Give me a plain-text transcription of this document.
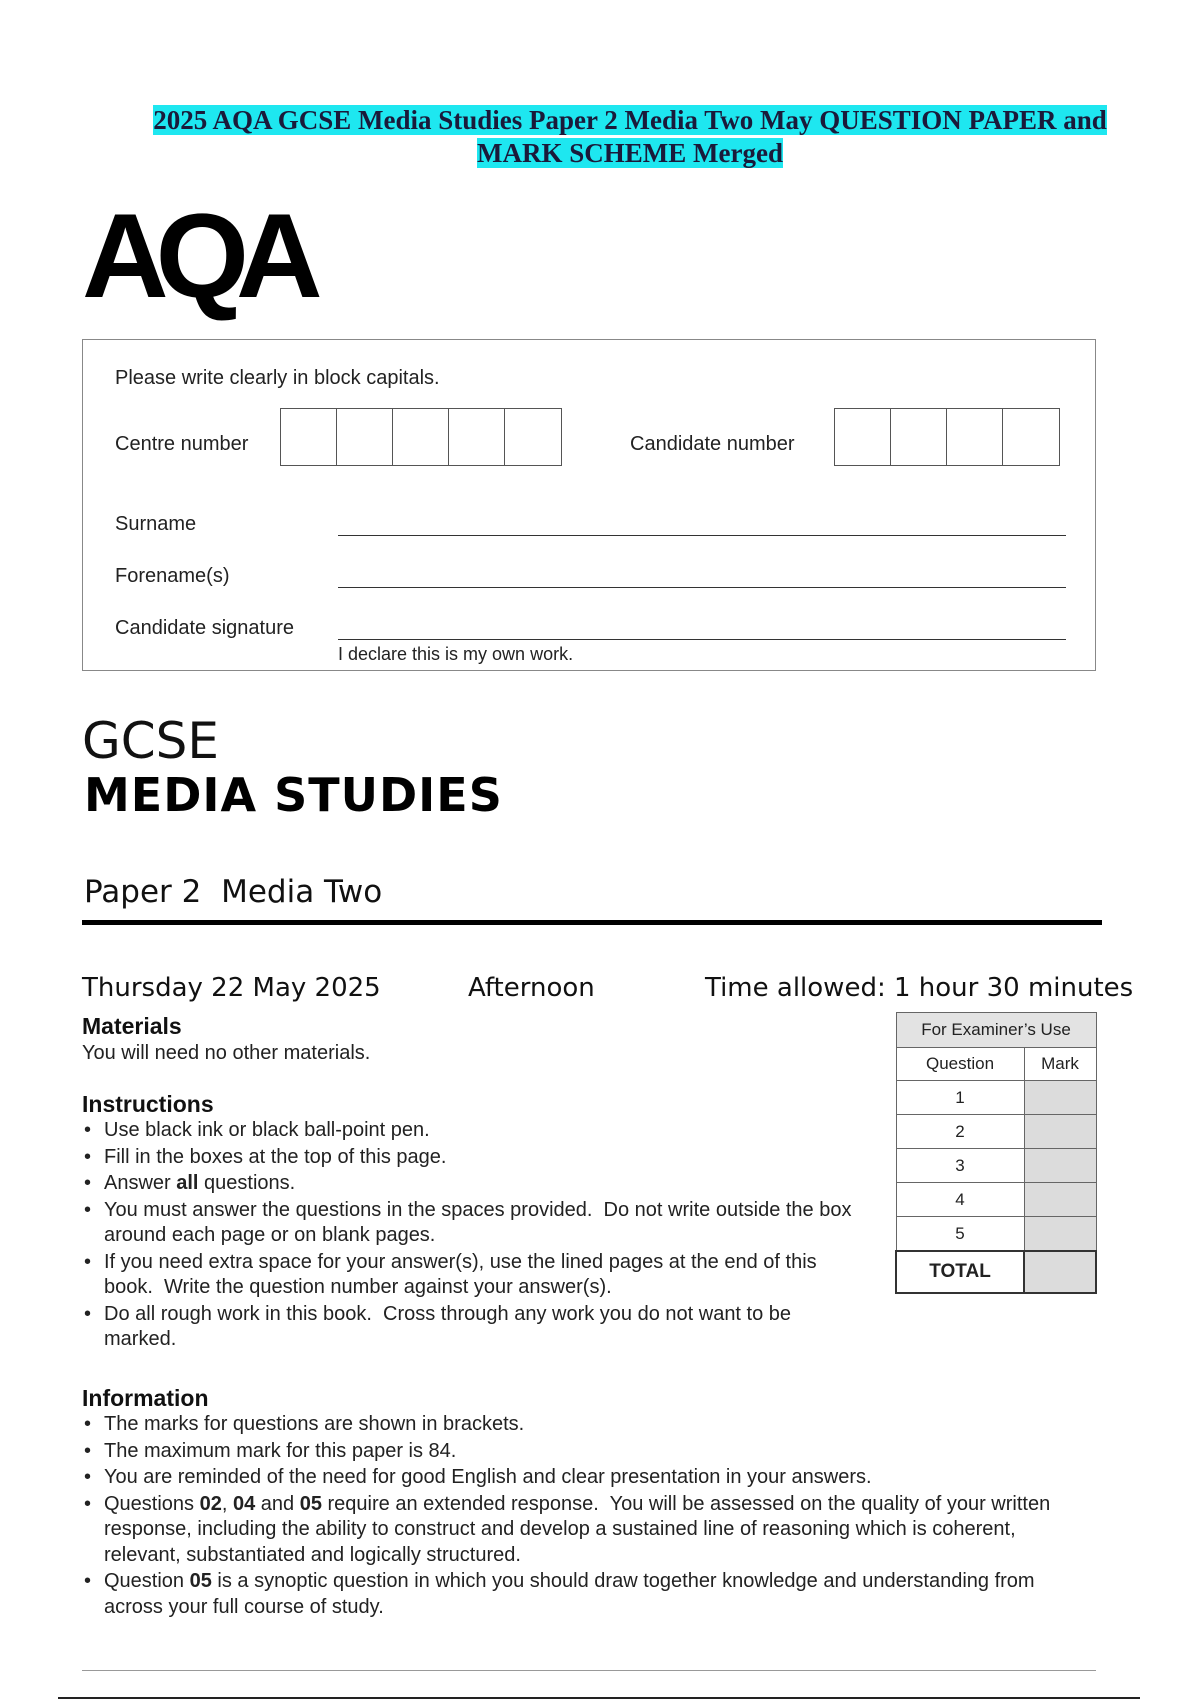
2025 AQA GCSE Media Studies Paper 2 Media Two May QUESTION PAPER and
MARK SCHEME Merged
AQA
Please write clearly in block capitals.
Centre number	Candidate number
Surname
Forename(s)
Candidate signature
I declare this is my own work.
GCSE
MEDIA STUDIES
Paper 2  Media Two
Thursday 22 May 2025	Afternoon	Time allowed: 1 hour 30 minutes
Materials

You will need no other materials.

Instructions
• Use black ink or black ball-point pen.
• Fill in the boxes at the top of this page.
• Answer all questions.
• You must answer the questions in the spaces provided.  Do not write outside the box around each page or on blank pages.
• If you need extra space for your answer(s), use the lined pages at the end of this book.  Write the question number against your answer(s).
• Do all rough work in this book.  Cross through any work you do not want to be marked.
Information
• The marks for questions are shown in brackets.
• The maximum mark for this paper is 84.
• You are reminded of the need for good English and clear presentation in your answers.
• Questions 02, 04 and 05 require an extended response.  You will be assessed on the quality of your written response, including the ability to construct and develop a sustained line of reasoning which is coherent, relevant, substantiated and logically structured.
• Question 05 is a synoptic question in which you should draw together knowledge and understanding from across your full course of study.
For Examiner’s Use	
Question	Mark
1	
2	
3	
4	
5	
TOTAL	
